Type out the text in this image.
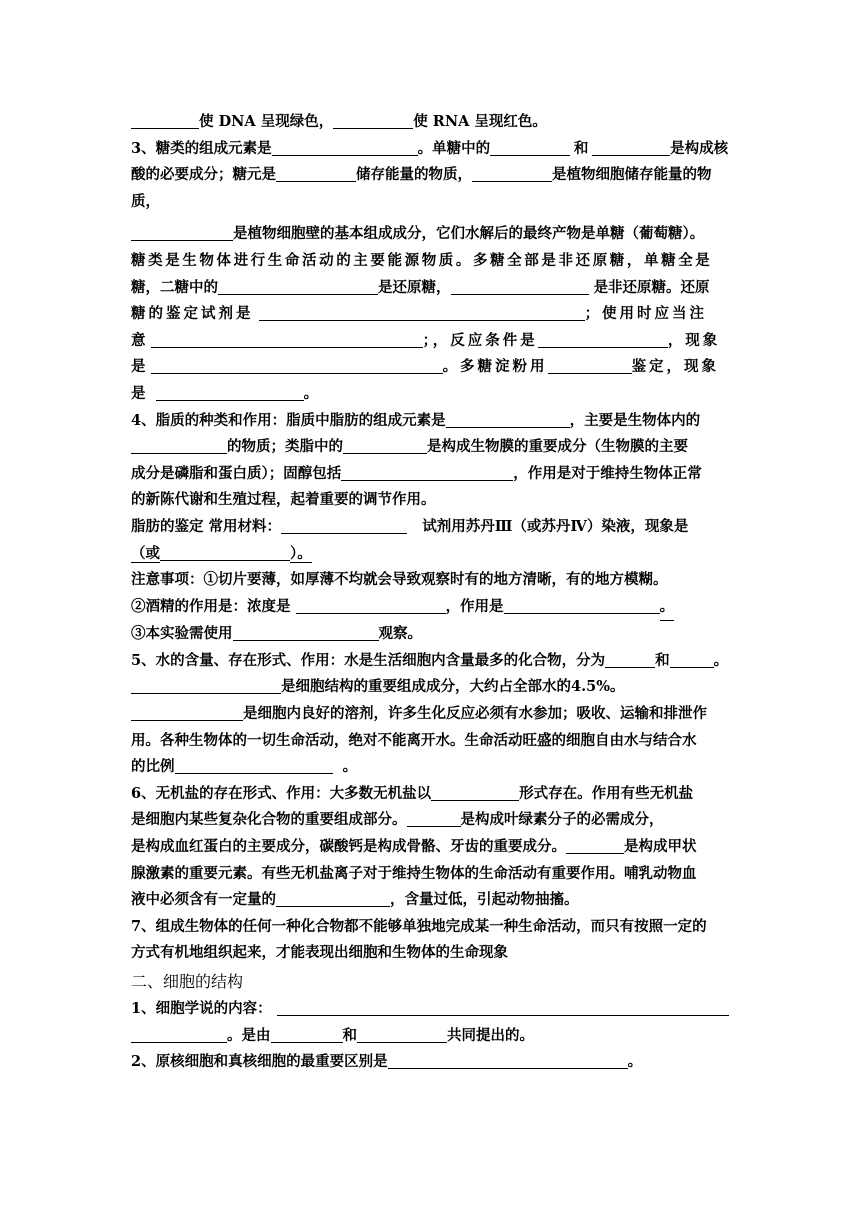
使 DNA 呈现绿色，	使 RNA 呈现红色。

3、糖类的组成元素是	。单糖中的	和	是构成核

酸的必要成分；糖元是	储存能量的物质，	是植物细胞储存能量的物

质，

是植物细胞壁的基本组成成分，它们水解后的最终产物是单糖（葡萄糖）。

糖类是生物体进行生命活动的主要能源物质。多糖全部是非还原糖，单糖全是

糖，二糖中的	是还原糖，	是非还原糖。还原

糖的鉴定试剂是	；使用时应当注

意	；，反应条件是	，现象

是	。多糖淀粉用	鉴定，现象

是	。

4、脂质的种类和作用：脂质中脂肪的组成元素是	，主要是生物体内的

的物质；类脂中的	是构成生物膜的重要成分（生物膜的主要

成分是磷脂和蛋白质）；固醇包括	，作用是对于维持生物体正常

的新陈代谢和生殖过程，起着重要的调节作用。

脂肪的鉴定 常用材料：	试剂用苏丹Ⅲ（或苏丹Ⅳ）染液，现象是

（或	）。

注意事项：①切片要薄，如厚薄不均就会导致观察时有的地方清晰，有的地方模糊。

②酒精的作用是：浓度是	，作用是	。

③本实验需使用	观察。

5、水的含量、存在形式、作用：水是生活细胞内含量最多的化合物，分为	和	。

是细胞结构的重要组成成分，大约占全部水的4.5%。

是细胞内良好的溶剂，许多生化反应必须有水参加；吸收、运输和排泄作

用。各种生物体的一切生命活动，绝对不能离开水。生命活动旺盛的细胞自由水与结合水

的比例	。

6、无机盐的存在形式、作用：大多数无机盐以	形式存在。作用有些无机盐

是细胞内某些复杂化合物的重要组成部分。	是构成叶绿素分子的必需成分，

是构成血红蛋白的主要成分，碳酸钙是构成骨骼、牙齿的重要成分。	是构成甲状

腺激素的重要元素。有些无机盐离子对于维持生物体的生命活动有重要作用。哺乳动物血

液中必须含有一定量的	，含量过低，引起动物抽搐。

7、组成生物体的任何一种化合物都不能够单独地完成某一种生命活动，而只有按照一定的

方式有机地组织起来，才能表现出细胞和生物体的生命现象

二、细胞的结构

1、细胞学说的内容：

。是由	和	共同提出的。

2、原核细胞和真核细胞的最重要区别是	。
